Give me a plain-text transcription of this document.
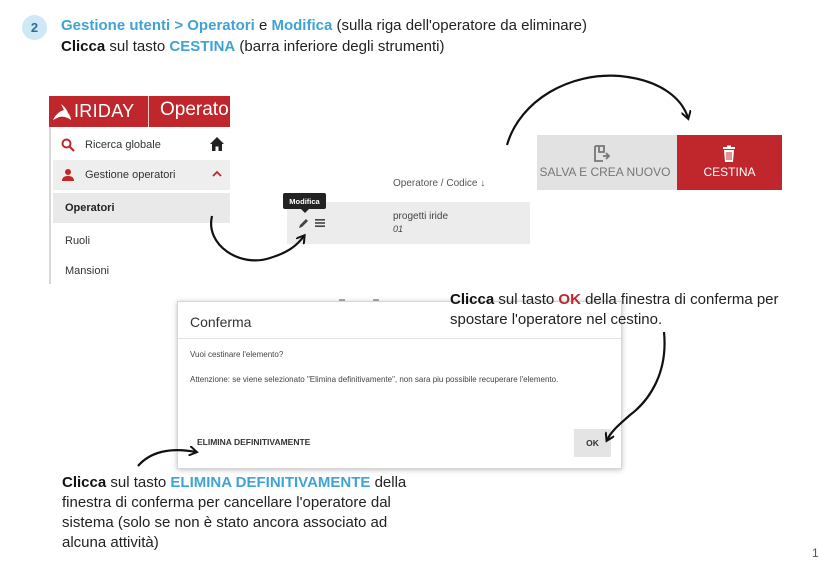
2	Gestione utenti > Operatori e Modifica (sulla riga dell'operatore da eliminare)
Clicca sul tasto CESTINA (barra inferiore degli strumenti)
IRIDAY Operato
Ricerca globale
Gestione operatori
Operatori
Ruoli
Mansioni
Operatore / Codice ↓
progetti iride
01
Modifica
SALVA E CREA NUOVO	CESTINA
Conferma
Vuoi cestinare l'elemento?
Attenzione: se viene selezionato "Elimina definitivamente", non sara piu possibile recuperare l'elemento.
ELIMINA DEFINITIVAMENTE	OK
Clicca sul tasto OK della finestra di conferma per spostare l'operatore nel cestino.
Clicca sul tasto ELIMINA DEFINITIVAMENTE della finestra di conferma per cancellare l'operatore dal sistema (solo se non è stato ancora associato ad alcuna attività)
1
